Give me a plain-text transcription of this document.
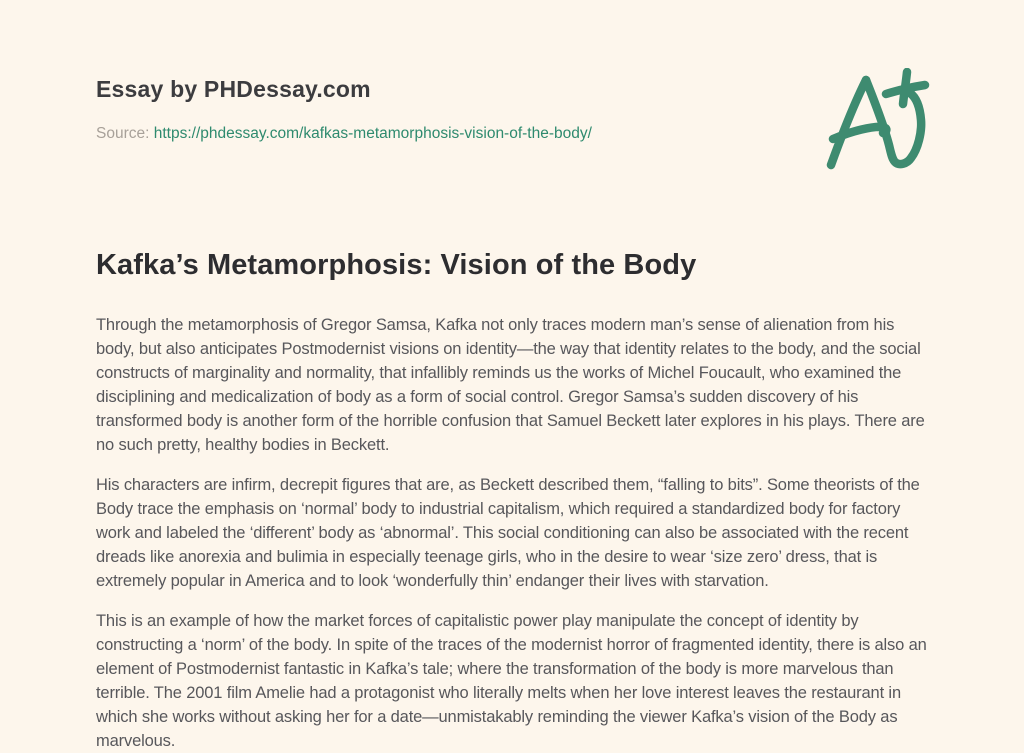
Essay by PHDessay.com
Source: https://phdessay.com/kafkas-metamorphosis-vision-of-the-body/
Kafka’s Metamorphosis: Vision of the Body

Through the metamorphosis of Gregor Samsa, Kafka not only traces modern man’s sense of alienation from his body, but also anticipates Postmodernist visions on identity—the way that identity relates to the body, and the social constructs of marginality and normality, that infallibly reminds us the works of Michel Foucault, who examined the disciplining and medicalization of body as a form of social control. Gregor Samsa’s sudden discovery of his transformed body is another form of the horrible confusion that Samuel Beckett later explores in his plays. There are no such pretty, healthy bodies in Beckett.

His characters are infirm, decrepit figures that are, as Beckett described them, “falling to bits”. Some theorists of the Body trace the emphasis on ‘normal’ body to industrial capitalism, which required a standardized body for factory work and labeled the ‘different’ body as ‘abnormal’. This social conditioning can also be associated with the recent dreads like anorexia and bulimia in especially teenage girls, who in the desire to wear ‘size zero’ dress, that is extremely popular in America and to look ‘wonderfully thin’ endanger their lives with starvation.

This is an example of how the market forces of capitalistic power play manipulate the concept of identity by constructing a ‘norm’ of the body. In spite of the traces of the modernist horror of fragmented identity, there is also an element of Postmodernist fantastic in Kafka’s tale; where the transformation of the body is more marvelous than terrible. The 2001 film Amelie had a protagonist who literally melts when her love interest leaves the restaurant in which she works without asking her for a date—unmistakably reminding the viewer Kafka’s vision of the Body as marvelous.
